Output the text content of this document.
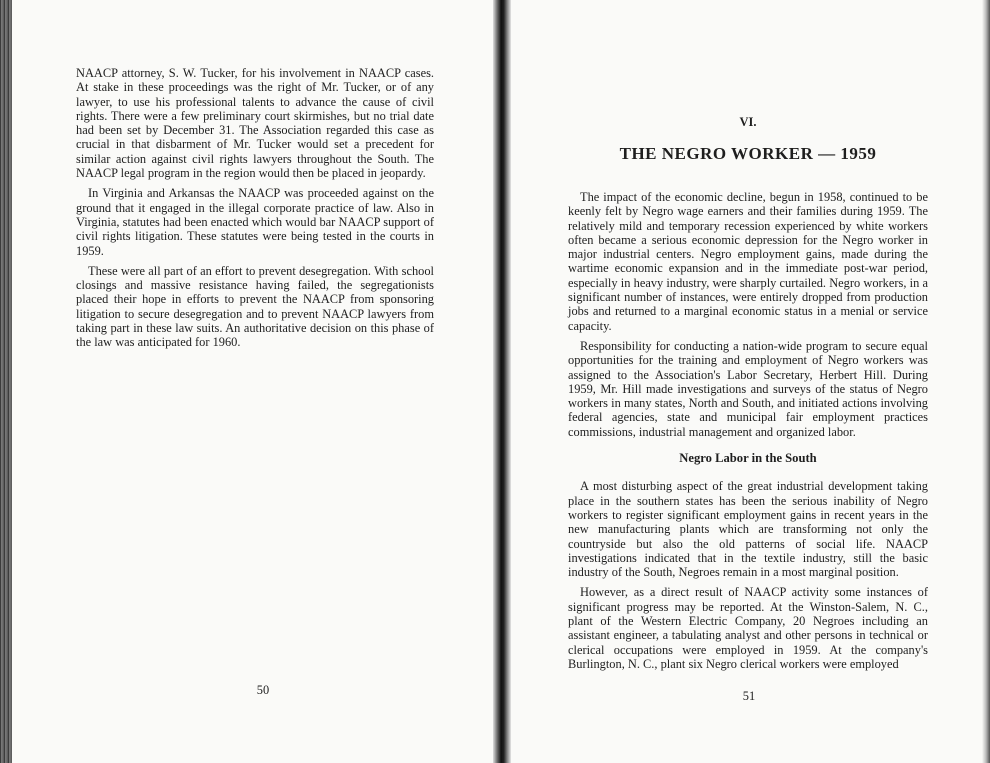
NAACP attorney, S. W. Tucker, for his involvement in NAACP cases. At stake in these proceedings was the right of Mr. Tucker, or of any lawyer, to use his professional talents to advance the cause of civil rights. There were a few preliminary court skirmishes, but no trial date had been set by December 31. The Association regarded this case as crucial in that disbarment of Mr. Tucker would set a precedent for similar action against civil rights lawyers throughout the South. The NAACP legal program in the region would then be placed in jeopardy.

In Virginia and Arkansas the NAACP was proceeded against on the ground that it engaged in the illegal corporate practice of law. Also in Virginia, statutes had been enacted which would bar NAACP support of civil rights litigation. These statutes were being tested in the courts in 1959.

These were all part of an effort to prevent desegregation. With school closings and massive resistance having failed, the segregationists placed their hope in efforts to prevent the NAACP from sponsoring litigation to secure desegregation and to prevent NAACP lawyers from taking part in these law suits. An authoritative decision on this phase of the law was anticipated for 1960.

50
VI.
THE NEGRO WORKER — 1959

The impact of the economic decline, begun in 1958, continued to be keenly felt by Negro wage earners and their families during 1959. The relatively mild and temporary recession experienced by white workers often became a serious economic depression for the Negro worker in major industrial centers. Negro employment gains, made during the wartime economic expansion and in the immediate post-war period, especially in heavy industry, were sharply curtailed. Negro workers, in a significant number of instances, were entirely dropped from production jobs and returned to a marginal economic status in a menial or service capacity.

Responsibility for conducting a nation-wide program to secure equal opportunities for the training and employment of Negro workers was assigned to the Association's Labor Secretary, Herbert Hill. During 1959, Mr. Hill made investigations and surveys of the status of Negro workers in many states, North and South, and initiated actions involving federal agencies, state and municipal fair employment practices commissions, industrial management and organized labor.

Negro Labor in the South

A most disturbing aspect of the great industrial development taking place in the southern states has been the serious inability of Negro workers to register significant employment gains in recent years in the new manufacturing plants which are transforming not only the countryside but also the old patterns of social life. NAACP investigations indicated that in the textile industry, still the basic industry of the South, Negroes remain in a most marginal position.

However, as a direct result of NAACP activity some instances of significant progress may be reported. At the Winston-Salem, N. C., plant of the Western Electric Company, 20 Negroes including an assistant engineer, a tabulating analyst and other persons in technical or clerical occupations were employed in 1959. At the company's Burlington, N. C., plant six Negro clerical workers were employed

51
